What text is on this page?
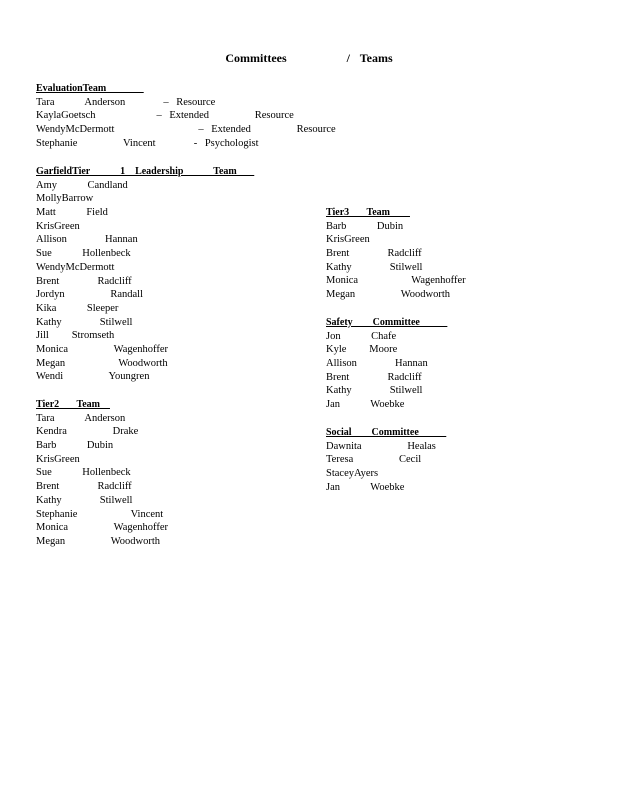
Committees            /  Teams
EvaluationTeam
Tara    Anderson     – Resource
KaylaGoetsch        – Extended      Resource
WendyMcDermott           – Extended      Resource
Stephanie      Vincent     - Psychologist
GarfieldTier            1    Leadership            Team
Amy    Candland
MollyBarrow
Matt    Field
KrisGreen
Allison     Hannan
Sue    Hollenbeck
WendyMcDermott
Brent     Radcliff
Jordyn      Randall
Kika    Sleeper
Kathy     Stilwell
Jill   Stromseth
Monica      Wagenhoffer
Megan       Woodworth
Wendi      Youngren
Tier2       Team
Tara    Anderson
Kendra      Drake
Barb    Dubin
KrisGreen
Sue    Hollenbeck
Brent     Radcliff
Kathy     Stilwell
Stephanie       Vincent
Monica      Wagenhoffer
Megan      Woodworth
Tier3       Team
Barb    Dubin
KrisGreen
Brent     Radcliff
Kathy     Stilwell
Monica       Wagenhoffer
Megan      Woodworth
Safety        Committee
Jon    Chafe
Kyle   Moore
Allison     Hannan
Brent     Radcliff
Kathy     Stilwell
Jan    Woebke
Social        Committee
Dawnita      Healas
Teresa      Cecil
StaceyAyers
Jan    Woebke
